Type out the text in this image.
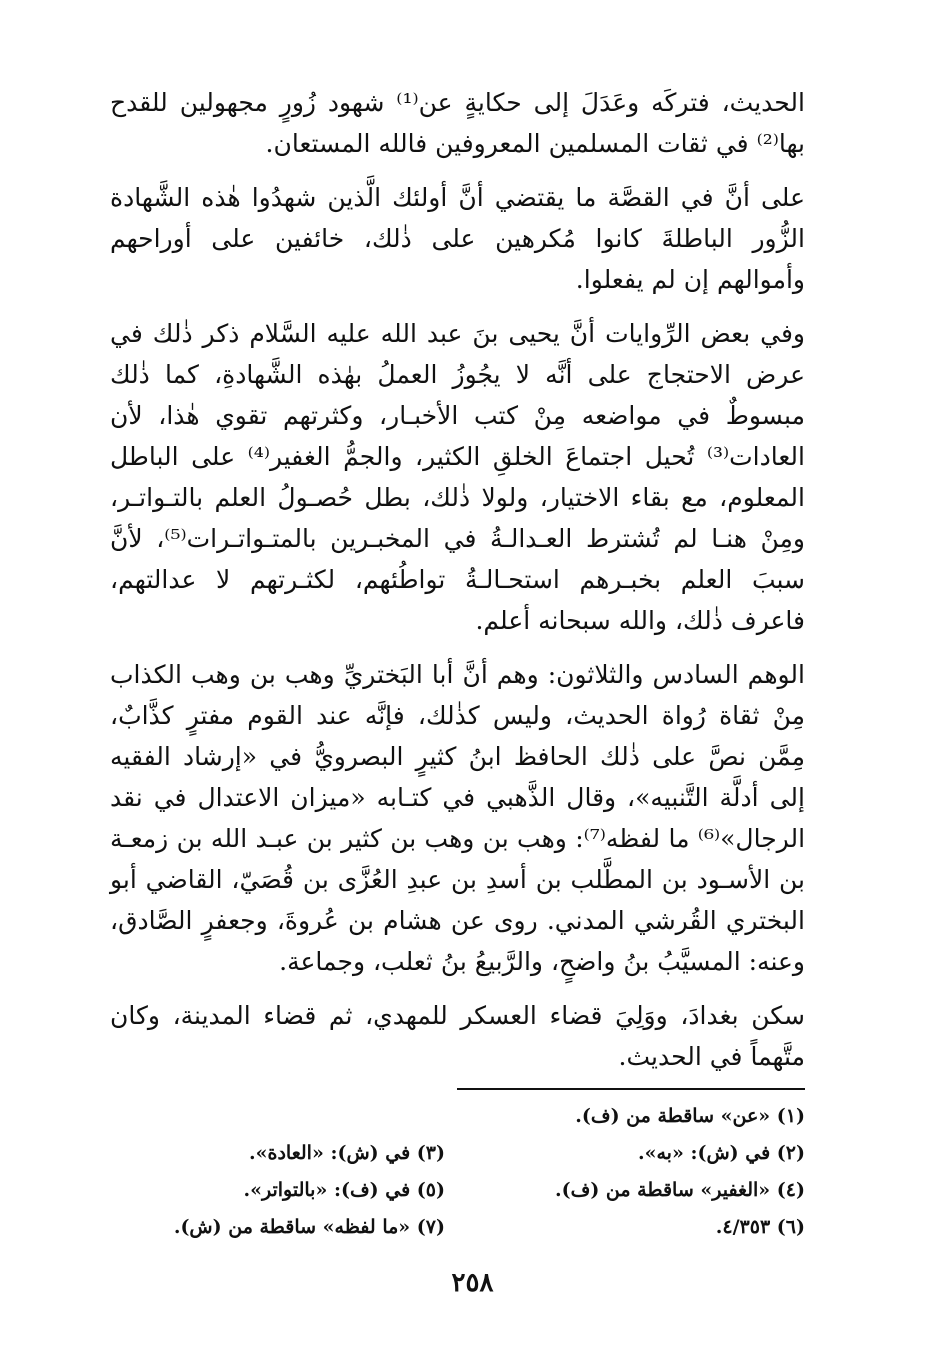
الحديث، فتركَه وعَدَلَ إلى حكايةٍ عن⁽¹⁾ شهود زُورٍ مجهولين للقدح بها⁽²⁾ في ثقات المسلمين المعروفين فالله المستعان.

على أنَّ في القصَّة ما يقتضي أنَّ أولئك الَّذين شهدُوا هٰذه الشَّهادة الزُّور الباطلةَ كانوا مُكرهين على ذٰلك، خائفين على أوراحهم وأموالهم إن لم يفعلوا.

وفي بعض الرِّوايات أنَّ يحيى بنَ عبد الله عليه السَّلام ذكر ذٰلك في عرض الاحتجاج على أنَّه لا يجُوزُ العملُ بهٰذه الشَّهادةِ، كما ذٰلك مبسوطٌ في مواضعه مِنْ كتب الأخبـار، وكثرتهم تقوي هٰذا، لأن العادات⁽³⁾ تُحيل اجتماعَ الخلقِ الكثير، والجمُّ الغفير⁽⁴⁾ على الباطل المعلوم، مع بقاء الاختيار، ولولا ذٰلك، بطل حُصـولُ العلم بالتـواتـر، ومِنْ هنـا لم تُشترط العـدالـةُ في المخبـرين بالمتـواتـرات⁽⁵⁾، لأنَّ سببَ العلم بخبـرهم استحـالـةُ تواطُئهم، لكثـرتهم لا عدالتهم، فاعرف ذٰلك، والله سبحانه أعلم.

الوهم السادس والثلاثون: وهم أنَّ أبا البَختريِّ وهب بن وهب الكذاب مِنْ ثقاة رُواة الحديث، وليس كذٰلك، فإنَّه عند القوم مفترٍ كذَّابٌ، مِمَّن نصَّ على ذٰلك الحافظ ابنُ كثيرٍ البصرويُّ في «إرشاد الفقيه إلى أدلَّة التَّنبيه»، وقال الذَّهبي في كتـابه «ميزان الاعتدال في نقد الرجال»⁽⁶⁾ ما لفظه⁽⁷⁾: وهب بن وهب بن كثير بن عبـد الله بن زمعـة بن الأسـود بن المطَّلب بن أسدِ بن عبدِ العُزَّى بن قُصَيّ، القاضي أبو البختري القُرشي المدني. روى عن هشام بن عُروةَ، وجعفرٍ الصَّادق، وعنه: المسيَّبُ بنُ واضحٍ، والرَّبيعُ بنُ ثعلب، وجماعة.

سكن بغدادَ، ووَلِيَ قضاء العسكر للمهدي، ثم قضاء المدينة، وكان متَّهماً في الحديث.

(١) «عن» ساقطة من (ف).
(٢) في (ش): «به».
(٣) في (ش): «العادة».
(٤) «الغفير» ساقطة من (ف).
(٥) في (ف): «بالتواتر».
(٦) ٤/٣٥٣.
(٧) «ما لفظه» ساقطة من (ش).
٢٥٨
